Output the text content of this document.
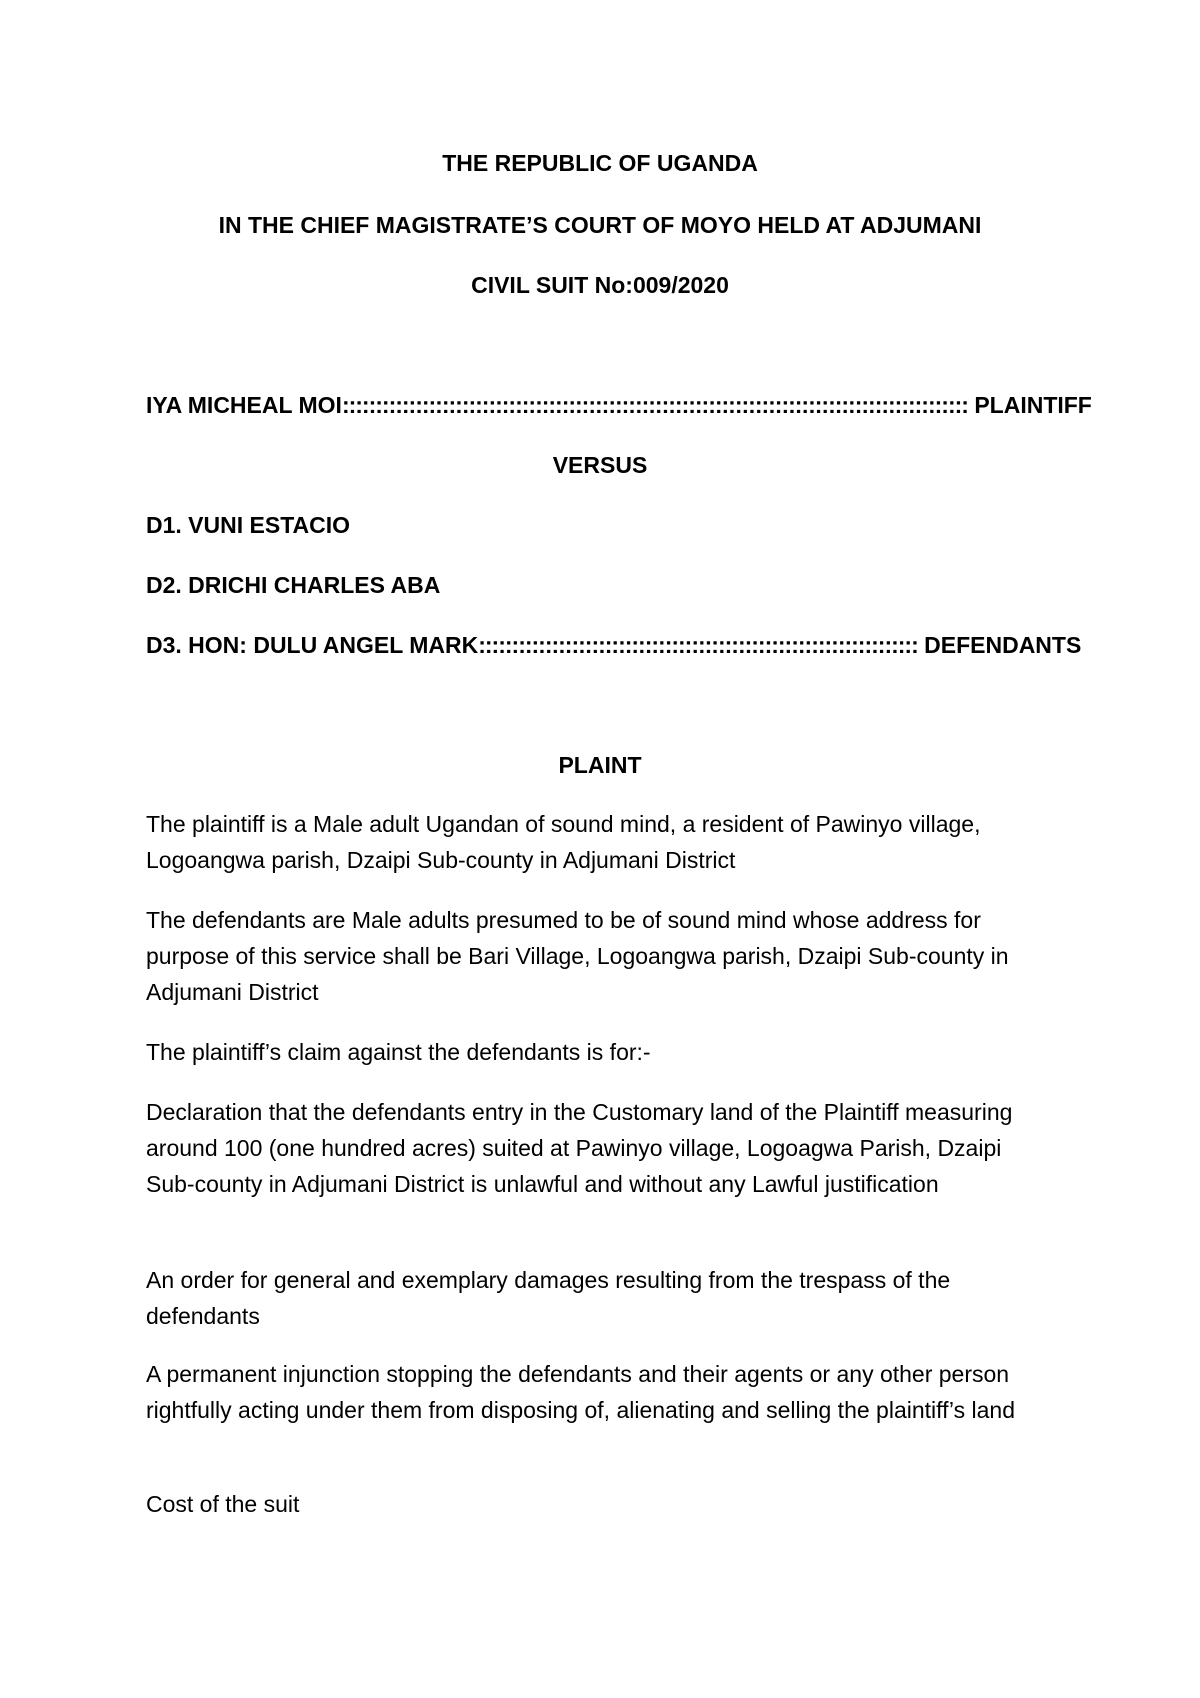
THE REPUBLIC OF UGANDA
IN THE CHIEF MAGISTRATE’S COURT OF MOYO HELD AT ADJUMANI
CIVIL SUIT No:009/2020
IYA MICHEAL MOI:::::::::::::::::::::::::::::::::::::::::::::::::::::::::::::::::::::::::::::::::::::::::::::: PLAINTIFF
VERSUS
D1. VUNI ESTACIO
D2. DRICHI CHARLES ABA
D3. HON: DULU ANGEL MARK:::::::::::::::::::::::::::::::::::::::::::::::::::::::::::::::::: DEFENDANTS
PLAINT
The plaintiff is a Male adult Ugandan of sound mind, a resident of Pawinyo village, Logoangwa parish, Dzaipi Sub-county in Adjumani District
The defendants are Male adults presumed to be of sound mind whose address for purpose of this service shall be Bari Village, Logoangwa parish, Dzaipi Sub-county in Adjumani District
The plaintiff’s claim against the defendants is for:-
Declaration that the defendants entry in the Customary land of the Plaintiff measuring around 100 (one hundred acres) suited at Pawinyo village, Logoagwa Parish, Dzaipi Sub-county in Adjumani District is unlawful and without any Lawful justification
An order for general and exemplary damages resulting from the trespass of the defendants
A permanent injunction stopping the defendants and their agents or any other person rightfully acting under them from disposing of, alienating and selling the plaintiff’s land
Cost of the suit
